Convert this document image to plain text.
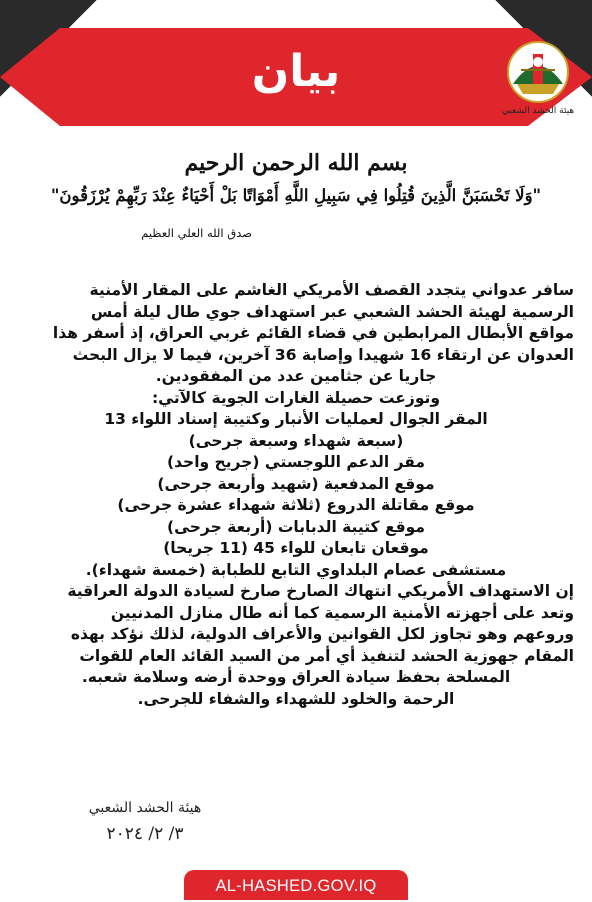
بيان
هيئة الحشد الشعبي
بسم الله الرحمن الرحيم
"وَلَا تَحْسَبَنَّ الَّذِينَ قُتِلُوا فِي سَبِيلِ اللَّهِ أَمْوَاتًا بَلْ أَحْيَاءٌ عِنْدَ رَبِّهِمْ يُرْزَقُونَ"
صدق الله العلي العظيم
سافر عدواني يتجدد القصف الأمريكي الغاشم على المقار الأمنية
الرسمية لهيئة الحشد الشعبي عبر استهداف جوي طال ليلة أمس
مواقع الأبطال المرابطين في قضاء القائم غربي العراق، إذ أسفر هذا
العدوان عن ارتقاء 16 شهيدا وإصابة 36 آخرين، فيما لا يزال البحث
جاريا عن جثامين عدد من المفقودين.
وتوزعت حصيلة الغارات الجوية كالآتي:
المقر الجوال لعمليات الأنبار وكتيبة إسناد اللواء 13
(سبعة شهداء وسبعة جرحى)
مقر الدعم اللوجستي (جريح واحد)
موقع المدفعية (شهيد وأربعة جرحى)
موقع مقاتلة الدروع (ثلاثة شهداء عشرة جرحى)
موقع كتيبة الدبابات (أربعة جرحى)
موقعان تابعان للواء 45 (11 جريحا)
مستشفى عصام البلداوي التابع للطبابة (خمسة شهداء).
إن الاستهداف الأمريكي انتهاك الصارخ صارخ لسيادة الدولة العراقية
وتعد على أجهزته الأمنية الرسمية كما أنه طال منازل المدنيين
وروعهم وهو تجاوز لكل القوانين والأعراف الدولية، لذلك نؤكد بهذه
المقام جهوزية الحشد لتنفيذ أي أمر من السيد القائد العام للقوات
المسلحة بحفظ سيادة العراق ووحدة أرضه وسلامة شعبه.
الرحمة والخلود للشهداء والشفاء للجرحى.
هيئة الحشد الشعبي
٣/ ٢/ ٢٠٢٤
AL-HASHED.GOV.IQ
